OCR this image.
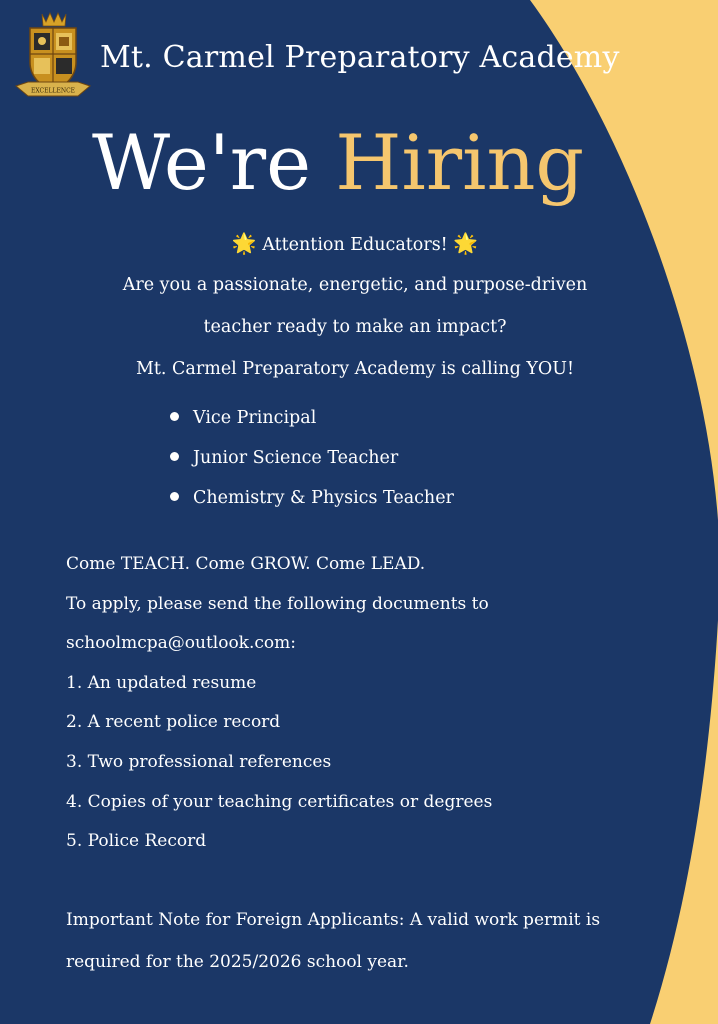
EXCELLENCE
Mt. Carmel Preparatory Academy
We're Hiring
🌟 Attention Educators! 🌟
Are you a passionate, energetic, and purpose-driven
teacher ready to make an impact?
Mt. Carmel Preparatory Academy is calling YOU!
Vice Principal
Junior Science Teacher
Chemistry & Physics Teacher
Come TEACH. Come GROW. Come LEAD.
To apply, please send the following documents to
schoolmcpa@outlook.com:
1. An updated resume
2. A recent police record
3. Two professional references
4. Copies of your teaching certificates or degrees
5. Police Record
Important Note for Foreign Applicants: A valid work permit is
required for the 2025/2026 school year.
